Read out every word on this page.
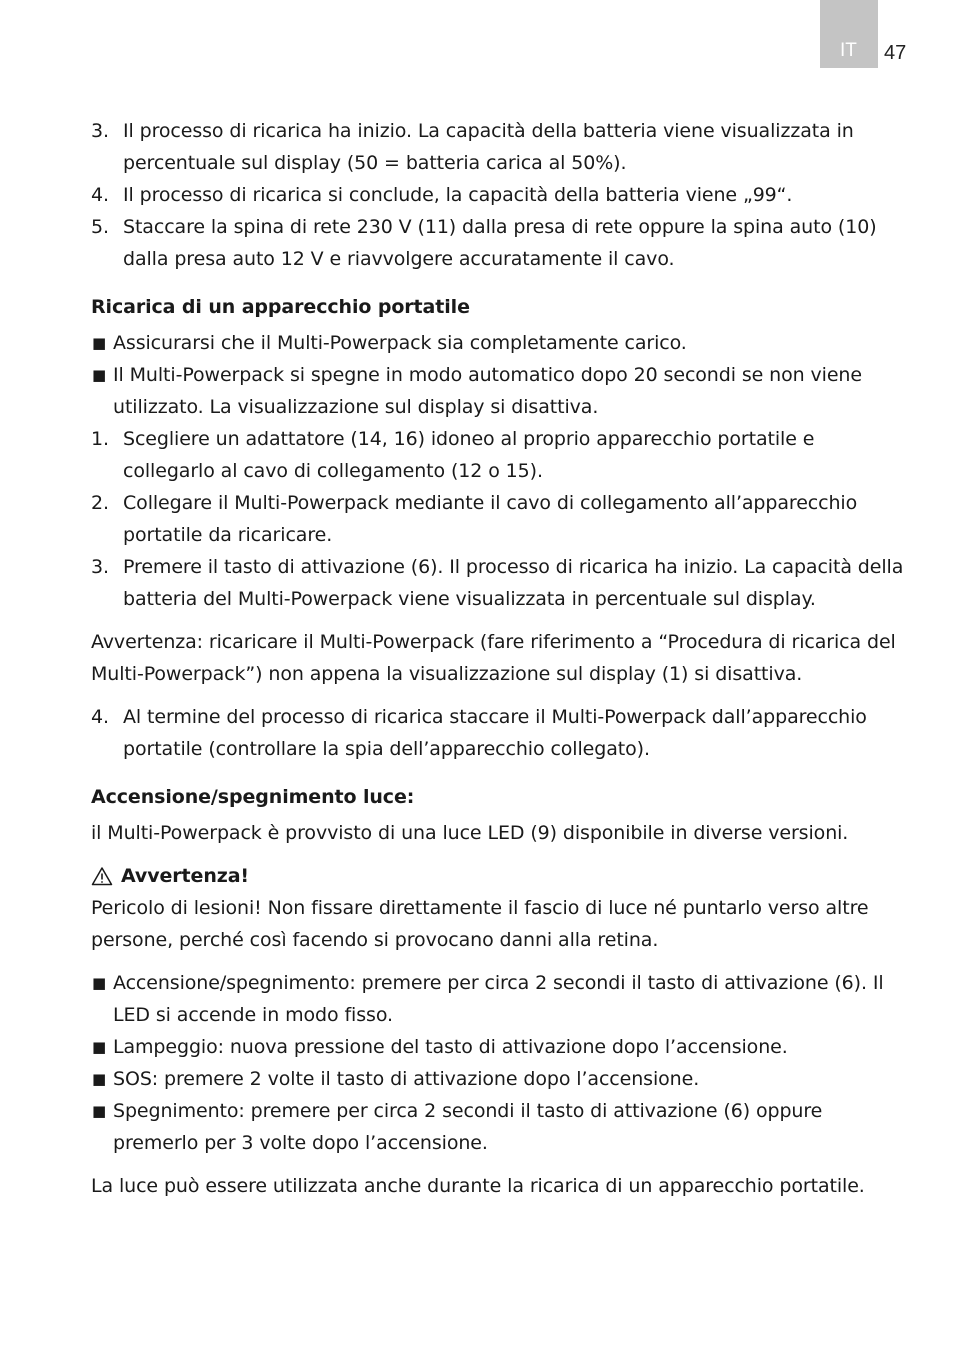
IT	47
3. Il processo di ricarica ha inizio. La capacità della batteria viene visualizzata in percentuale sul display (50 = batteria carica al 50%).
4. Il processo di ricarica si conclude, la capacità della batteria viene „99“.
5. Staccare la spina di rete 230 V (11) dalla presa di rete oppure la spina auto (10) dalla presa auto 12 V e riavvolgere accuratamente il cavo.
Ricarica di un apparecchio portatile
■ Assicurarsi che il Multi-Powerpack sia completamente carico.
■ Il Multi-Powerpack si spegne in modo automatico dopo 20 secondi se non viene utilizzato. La visualizzazione sul display si disattiva.
1. Scegliere un adattatore (14, 16) idoneo al proprio apparecchio portatile e collegarlo al cavo di collegamento (12 o 15).
2. Collegare il Multi-Powerpack mediante il cavo di collegamento all’apparecchio portatile da ricaricare.
3. Premere il tasto di attivazione (6). Il processo di ricarica ha inizio. La capacità della batteria del Multi-Powerpack viene visualizzata in percentuale sul display.
Avvertenza: ricaricare il Multi-Powerpack (fare riferimento a “Procedura di ricarica del Multi-Powerpack”) non appena la visualizzazione sul display (1) si disattiva.
4. Al termine del processo di ricarica staccare il Multi-Powerpack dall’apparecchio portatile (controllare la spia dell’apparecchio collegato).
Accensione/spegnimento luce:
il Multi-Powerpack è provvisto di una luce LED (9) disponibile in diverse versioni.
Avvertenza!
Pericolo di lesioni! Non fissare direttamente il fascio di luce né puntarlo verso altre persone, perché così facendo si provocano danni alla retina.
■ Accensione/spegnimento: premere per circa 2 secondi il tasto di attivazione (6). Il LED si accende in modo fisso.
■ Lampeggio: nuova pressione del tasto di attivazione dopo l’accensione.
■ SOS: premere 2 volte il tasto di attivazione dopo l’accensione.
■ Spegnimento: premere per circa 2 secondi il tasto di attivazione (6) oppure premerlo per 3 volte dopo l’accensione.
La luce può essere utilizzata anche durante la ricarica di un apparecchio portatile.
